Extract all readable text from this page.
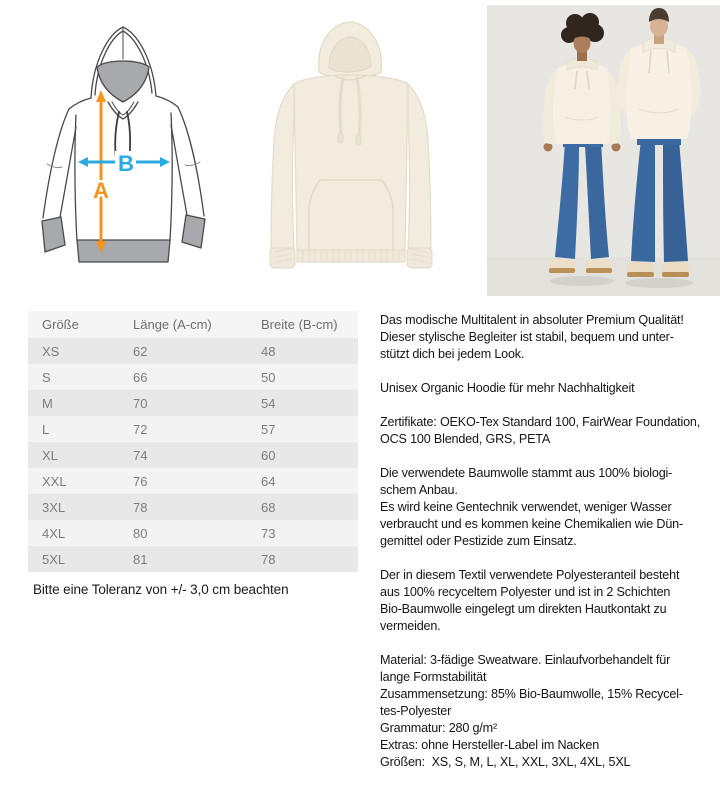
A
B
Größe	Länge (A-cm)	Breite (B-cm)
XS	62	48
S	66	50
M	70	54
L	72	57
XL	74	60
XXL	76	64
3XL	78	68
4XL	80	73
5XL	81	78
Bitte eine Toleranz von +/- 3,0 cm beachten
Das modische Multitalent in absoluter Premium Qualität!
Dieser stylische Begleiter ist stabil, bequem und unter-
stützt dich bei jedem Look.
Unisex Organic Hoodie für mehr Nachhaltigkeit
Zertifikate: OEKO-Tex Standard 100, FairWear Foundation,
OCS 100 Blended, GRS, PETA
Die verwendete Baumwolle stammt aus 100% biologi-
schem Anbau.
Es wird keine Gentechnik verwendet, weniger Wasser
verbraucht und es kommen keine Chemikalien wie Dün-
gemittel oder Pestizide zum Einsatz.
Der in diesem Textil verwendete Polyesteranteil besteht
aus 100% recyceltem Polyester und ist in 2 Schichten
Bio-Baumwolle eingelegt um direkten Hautkontakt zu
vermeiden.
Material: 3-fädige Sweatware. Einlaufvorbehandelt für
lange Formstabilität
Zusammensetzung: 85% Bio-Baumwolle, 15% Recycel-
tes-Polyester
Grammatur: 280 g/m²
Extras: ohne Hersteller-Label im Nacken
Größen:  XS, S, M, L, XL, XXL, 3XL, 4XL, 5XL
